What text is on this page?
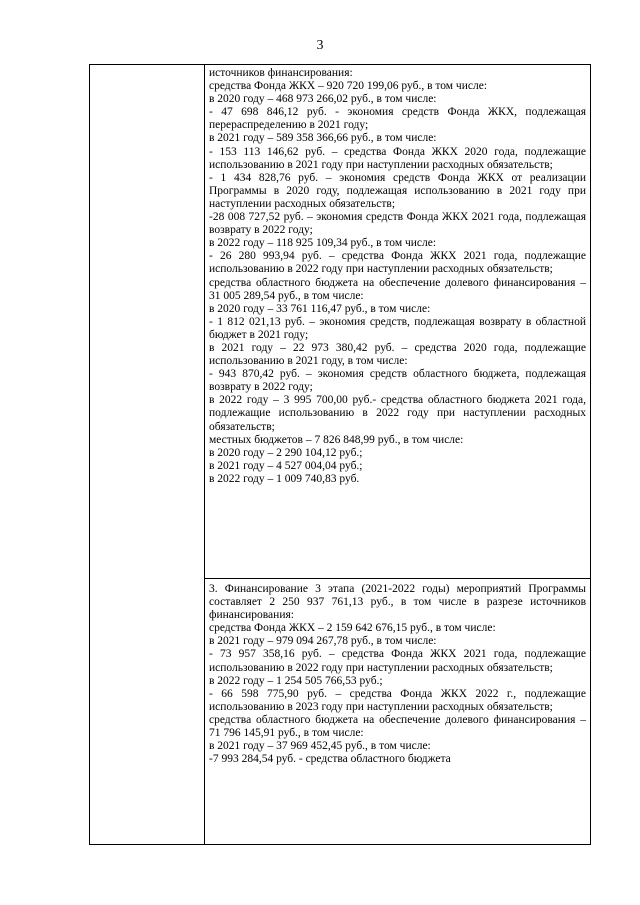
3

источников финансирования:

средства Фонда ЖКХ – 920 720 199,06 руб., в том числе:

в 2020 году – 468 973 266,02 руб., в том числе:

- 47 698 846,12 руб. - экономия средств Фонда ЖКХ, подлежащая перераспределению в 2021 году;

в 2021 году – 589 358 366,66 руб., в том числе:

- 153 113 146,62 руб. – средства Фонда ЖКХ 2020 года, подлежащие использованию в 2021 году при наступлении расходных обязательств;

- 1 434 828,76 руб. – экономия средств Фонда ЖКХ от реализации Программы в 2020 году, подлежащая использованию в 2021 году при наступлении расходных обязательств;

-28 008 727,52 руб. – экономия средств Фонда ЖКХ 2021 года, подлежащая возврату в 2022 году;

в 2022 году – 118 925 109,34 руб., в том числе:

- 26 280 993,94 руб. – средства Фонда ЖКХ 2021 года, подлежащие использованию в 2022 году при наступлении расходных обязательств;

средства областного бюджета на обеспечение долевого финансирования – 31 005 289,54 руб., в том числе:

в 2020 году – 33 761 116,47 руб., в том числе:

- 1 812 021,13 руб. – экономия средств, подлежащая возврату в областной бюджет в 2021 году;

в 2021 году – 22 973 380,42 руб. – средства 2020 года, подлежащие использованию в 2021 году, в том числе:

- 943 870,42 руб. – экономия средств областного бюджета, подлежащая возврату в 2022 году;

в 2022 году – 3 995 700,00 руб.- средства областного бюджета 2021 года, подлежащие использованию в 2022 году при наступлении расходных обязательств;

местных бюджетов – 7 826 848,99 руб., в том числе:

в 2020 году – 2 290 104,12 руб.;

в 2021 году – 4 527 004,04 руб.;

в 2022 году – 1 009 740,83 руб.

3. Финансирование 3 этапа (2021-2022 годы) мероприятий Программы составляет 2 250 937 761,13 руб., в том числе в разрезе источников финансирования:

средства Фонда ЖКХ – 2 159 642 676,15 руб., в том числе:

в 2021 году – 979 094 267,78 руб., в том числе:

- 73 957 358,16 руб. – средства Фонда ЖКХ 2021 года, подлежащие использованию в 2022 году при наступлении расходных обязательств;

в 2022 году – 1 254 505 766,53 руб.;

- 66 598 775,90 руб. – средства Фонда ЖКХ 2022 г., подлежащие использованию в 2023 году при наступлении расходных обязательств;

средства областного бюджета на обеспечение долевого финансирования – 71 796 145,91 руб., в том числе:

в 2021 году – 37 969 452,45 руб., в том числе:

-7 993 284,54 руб. - средства областного бюджета
